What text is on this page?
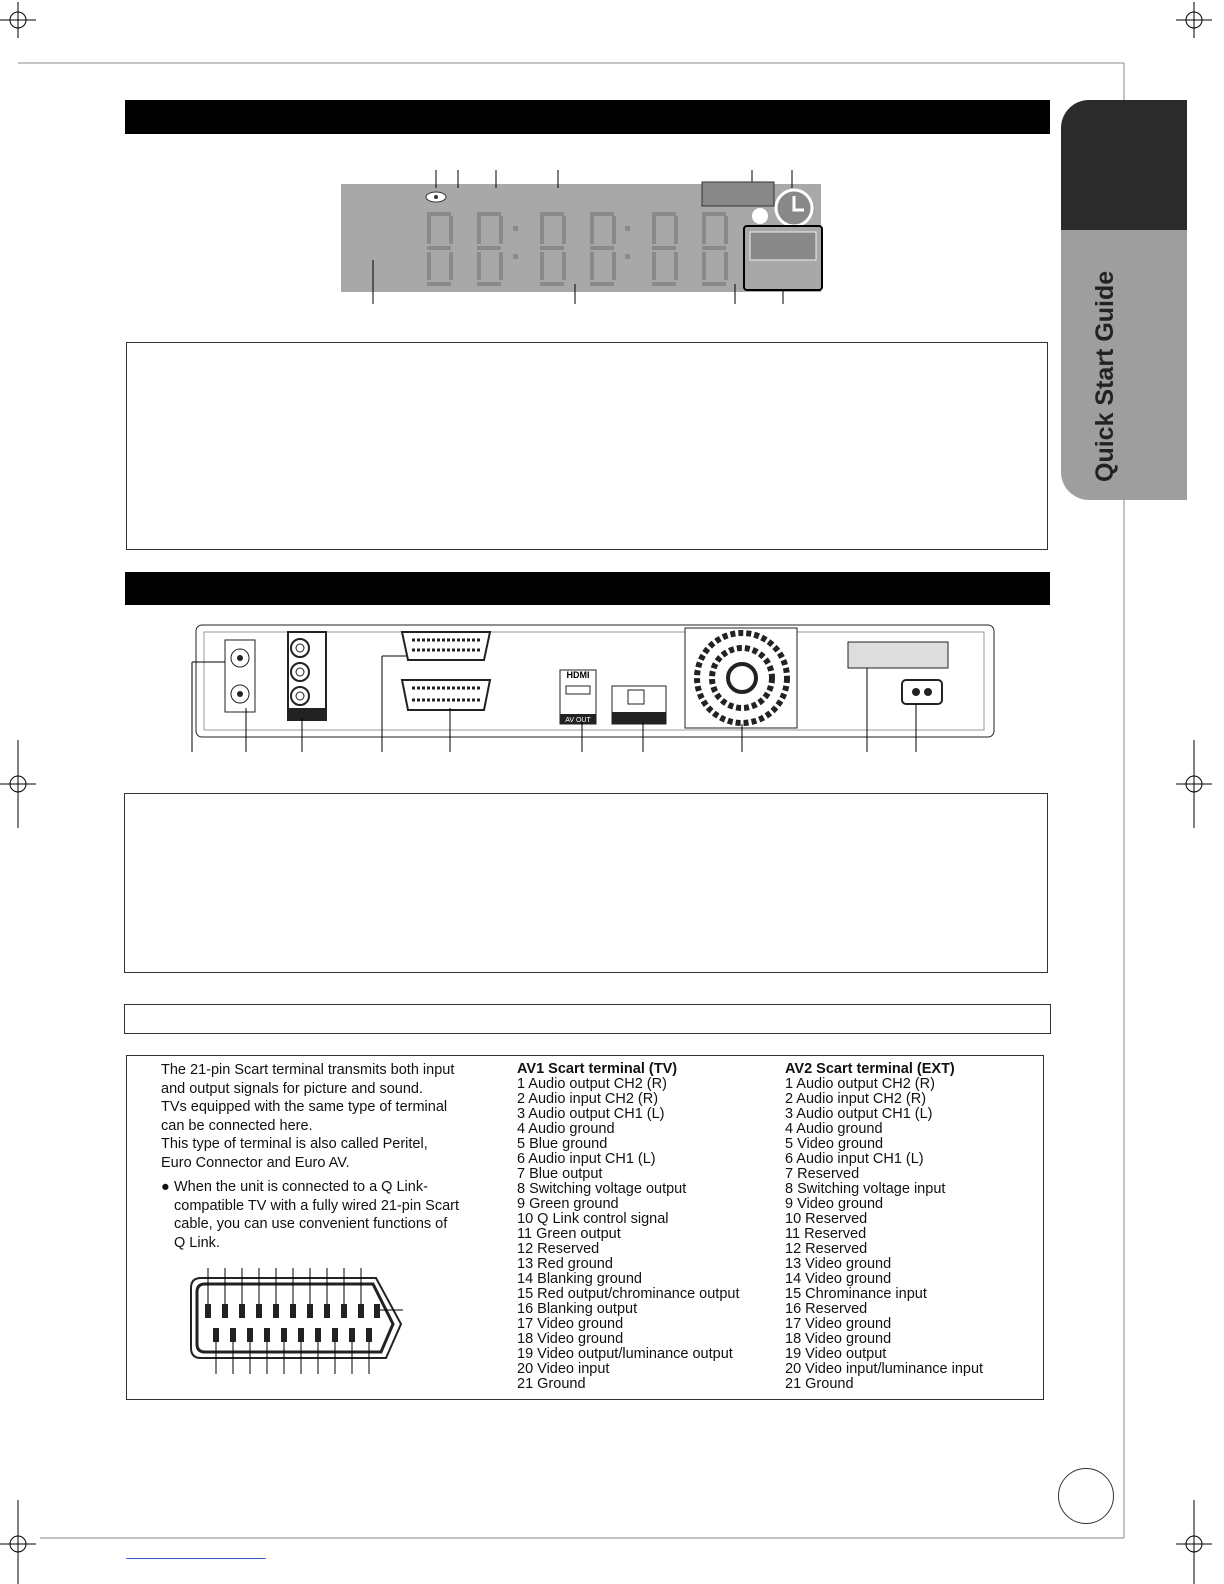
Quick Start Guide
HDMI
AV OUT
The 21-pin Scart terminal transmits both input
and output signals for picture and sound.
TVs equipped with the same type of terminal
can be connected here.
This type of terminal is also called Peritel,
Euro Connector and Euro AV.
● When the unit is connected to a Q Link-
compatible TV with a fully wired 21-pin Scart
cable, you can use convenient functions of
Q Link.
AV1 Scart terminal (TV)
1 Audio output CH2 (R)
2 Audio input CH2 (R)
3 Audio output CH1 (L)
4 Audio ground
5 Blue ground
6 Audio input CH1 (L)
7 Blue output
8 Switching voltage output
9 Green ground
10 Q Link control signal
11 Green output
12 Reserved
13 Red ground
14 Blanking ground
15 Red output/chrominance output
16 Blanking output
17 Video ground
18 Video ground
19 Video output/luminance output
20 Video input
21 Ground
AV2 Scart terminal (EXT)
1 Audio output CH2 (R)
2 Audio input CH2 (R)
3 Audio output CH1 (L)
4 Audio ground
5 Video ground
6 Audio input CH1 (L)
7 Reserved
8 Switching voltage input
9 Video ground
10 Reserved
11 Reserved
12 Reserved
13 Video ground
14 Video ground
15 Chrominance input
16 Reserved
17 Video ground
18 Video ground
19 Video output
20 Video input/luminance input
21 Ground
